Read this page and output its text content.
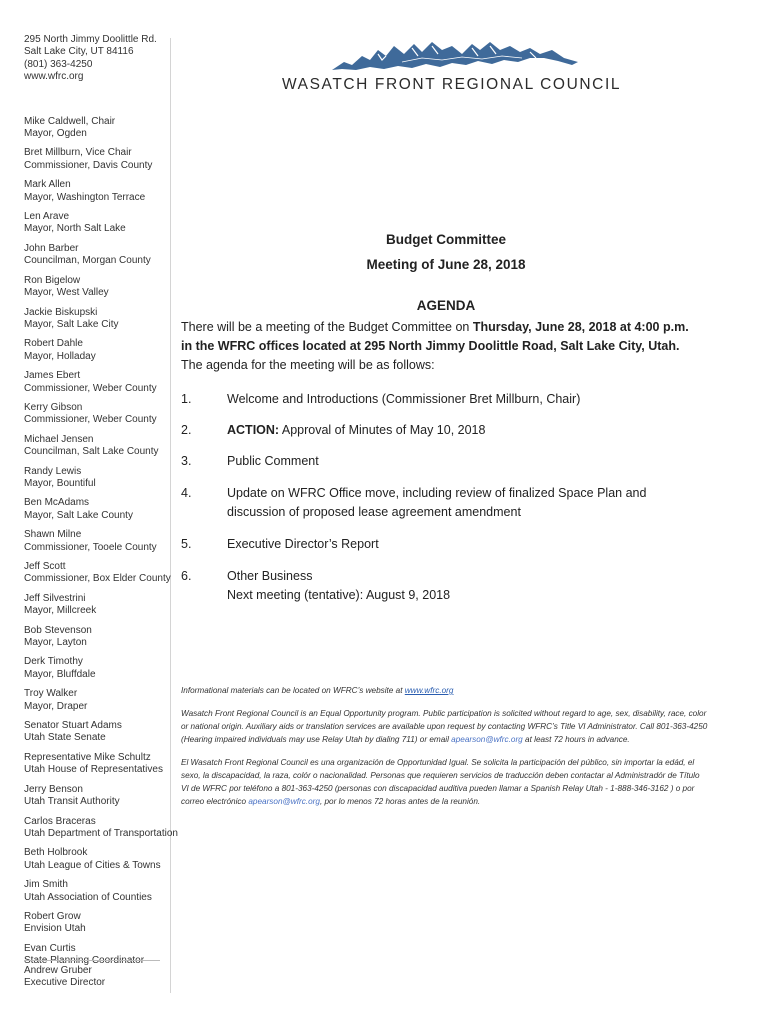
295 North Jimmy Doolittle Rd.
Salt Lake City, UT 84116
(801) 363-4250
www.wfrc.org
Mike Caldwell, Chair
Mayor, Ogden
Bret Millburn, Vice Chair
Commissioner, Davis County
Mark Allen
Mayor, Washington Terrace
Len Arave
Mayor, North Salt Lake
John Barber
Councilman, Morgan County
Ron Bigelow
Mayor, West Valley
Jackie Biskupski
Mayor, Salt Lake City
Robert Dahle
Mayor, Holladay
James Ebert
Commissioner, Weber County
Kerry Gibson
Commissioner, Weber County
Michael Jensen
Councilman, Salt Lake County
Randy Lewis
Mayor, Bountiful
Ben McAdams
Mayor, Salt Lake County
Shawn Milne
Commissioner, Tooele County
Jeff Scott
Commissioner, Box Elder County
Jeff Silvestrini
Mayor, Millcreek
Bob Stevenson
Mayor, Layton
Derk Timothy
Mayor, Bluffdale
Troy Walker
Mayor, Draper
Senator Stuart Adams
Utah State Senate
Representative Mike Schultz
Utah House of Representatives
Jerry Benson
Utah Transit Authority
Carlos Braceras
Utah Department of Transportation
Beth Holbrook
Utah League of Cities & Towns
Jim Smith
Utah Association of Counties
Robert Grow
Envision Utah
Evan Curtis
Andrew Gruber
Executive Director
WASATCH FRONT REGIONAL COUNCIL
Budget Committee
Meeting of June 28, 2018
AGENDA
There will be a meeting of the Budget Committee on Thursday, June 28, 2018 at 4:00 p.m. in the WFRC offices located at 295 North Jimmy Doolittle Road, Salt Lake City, Utah. The agenda for the meeting will be as follows:
1.	Welcome and Introductions (Commissioner Bret Millburn, Chair)
2.	ACTION: Approval of Minutes of May 10, 2018
3.	Public Comment
4.	Update on WFRC Office move, including review of finalized Space Plan and discussion of proposed lease agreement amendment
5.	Executive Director’s Report
6.	Other Business
Next meeting (tentative): August 9, 2018

Informational materials can be located on WFRC’s website at www.wfrc.org

Wasatch Front Regional Council is an Equal Opportunity program. Public participation is solicited without regard to age, sex, disability, race, color or national origin. Auxiliary aids or translation services are available upon request by contacting WFRC’s Title VI Administrator. Call 801-363-4250 (Hearing impaired individuals may use Relay Utah by dialing 711) or email apearson@wfrc.org at least 72 hours in advance.

El Wasatch Front Regional Council es una organización de Opportunidad Igual. Se solicita la participación del público, sin importar la edád, el sexo, la discapacidad, la raza, colór o nacionalidad. Personas que requieren servicios de traducción deben contactar al Administradór de Título VI de WFRC por teléfono a 801-363-4250 (personas con discapacidad auditiva pueden llamar a Spanish Relay Utah - 1-888-346-3162 ) o por correo electrónico apearson@wfrc.org, por lo menos 72 horas antes de la reunión.
